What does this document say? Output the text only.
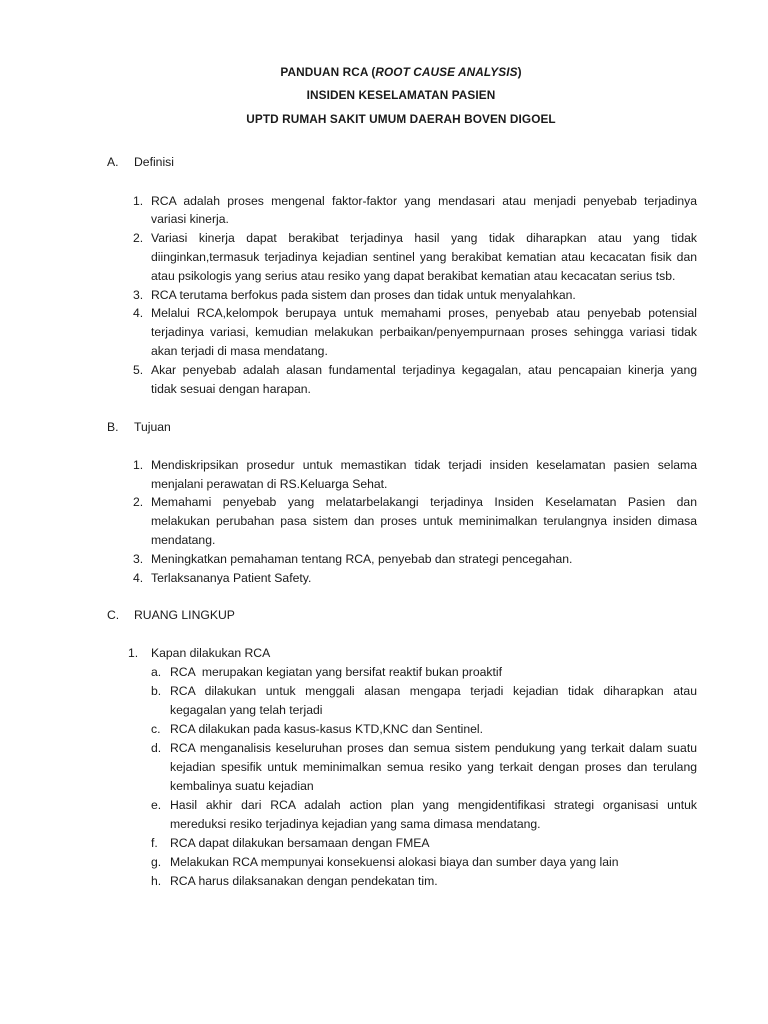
PANDUAN RCA (ROOT CAUSE ANALYSIS)
INSIDEN KESELAMATAN PASIEN
UPTD RUMAH SAKIT UMUM DAERAH BOVEN DIGOEL
A. Definisi
1. RCA adalah proses mengenal faktor-faktor yang mendasari atau menjadi penyebab terjadinya
variasi kinerja.
2. Variasi kinerja dapat berakibat terjadinya hasil yang tidak diharapkan atau yang tidak
diinginkan,termasuk terjadinya kejadian sentinel yang berakibat kematian atau kecacatan fisik dan
atau psikologis yang serius atau resiko yang dapat berakibat kematian atau kecacatan serius tsb.
3. RCA terutama berfokus pada sistem dan proses dan tidak untuk menyalahkan.
4. Melalui RCA,kelompok berupaya untuk memahami proses, penyebab atau penyebab potensial
terjadinya variasi, kemudian melakukan perbaikan/penyempurnaan proses sehingga variasi tidak
akan terjadi di masa mendatang.
5. Akar penyebab adalah alasan fundamental terjadinya kegagalan, atau pencapaian kinerja yang
tidak sesuai dengan harapan.
B. Tujuan
1. Mendiskripsikan prosedur untuk memastikan tidak terjadi insiden keselamatan pasien selama
menjalani perawatan di RS.Keluarga Sehat.
2. Memahami penyebab yang melatarbelakangi terjadinya Insiden Keselamatan Pasien dan
melakukan perubahan pasa sistem dan proses untuk meminimalkan terulangnya insiden dimasa
mendatang.
3. Meningkatkan pemahaman tentang RCA, penyebab dan strategi pencegahan.
4. Terlaksananya Patient Safety.
C. RUANG LINGKUP
1. Kapan dilakukan RCA
a. RCA  merupakan kegiatan yang bersifat reaktif bukan proaktif
b. RCA dilakukan untuk menggali alasan mengapa terjadi kejadian tidak diharapkan atau
kegagalan yang telah terjadi
c. RCA dilakukan pada kasus-kasus KTD,KNC dan Sentinel.
d. RCA menganalisis keseluruhan proses dan semua sistem pendukung yang terkait dalam suatu
kejadian spesifik untuk meminimalkan semua resiko yang terkait dengan proses dan terulang
kembalinya suatu kejadian
e. Hasil akhir dari RCA adalah action plan yang mengidentifikasi strategi organisasi untuk
mereduksi resiko terjadinya kejadian yang sama dimasa mendatang.
f. RCA dapat dilakukan bersamaan dengan FMEA
g. Melakukan RCA mempunyai konsekuensi alokasi biaya dan sumber daya yang lain
h. RCA harus dilaksanakan dengan pendekatan tim.
